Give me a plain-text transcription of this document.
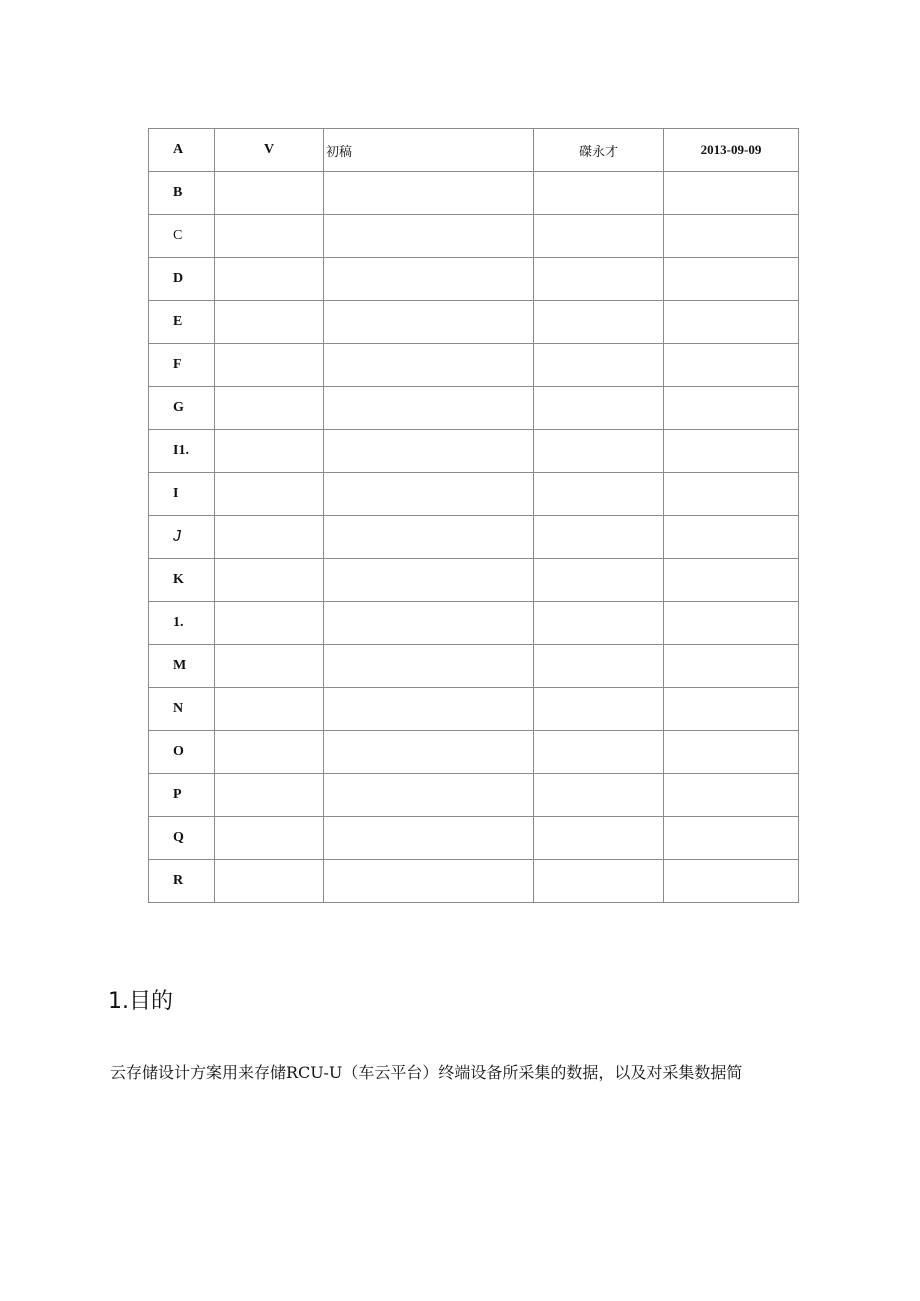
A	V	初稿	磔永才	2013-09-09
B				
C				
D				
E				
F				
G				
I1.				
I				
J				
K				
1.				
M				
N				
O				
P				
Q				
R				
1.目的

云存储设计方案用来存储RCU-U（车云平台）终端设备所采集的数据，以及对采集数据简
